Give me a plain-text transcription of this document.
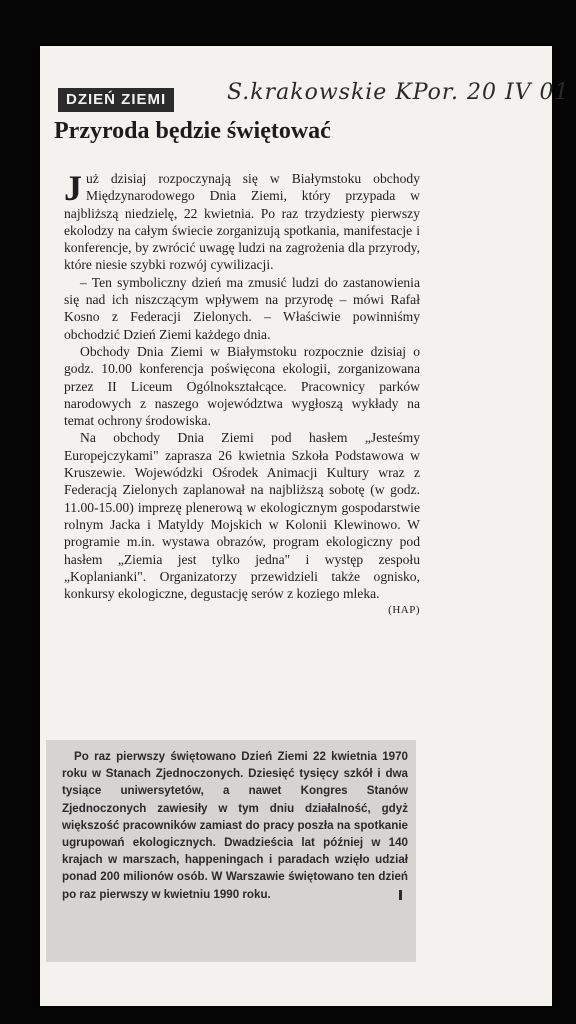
DZIEŃ ZIEMI	S.krakowskie KPor. 20 IV 01
Przyroda będzie świętować

Już dzisiaj rozpoczynają się w Białymstoku obchody Międzynarodowego Dnia Ziemi, który przypada w najbliższą niedzielę, 22 kwietnia. Po raz trzydziesty pierwszy ekolodzy na całym świecie zorganizują spotkania, manifestacje i konferencje, by zwrócić uwagę ludzi na zagrożenia dla przyrody, które niesie szybki rozwój cywilizacji.

– Ten symboliczny dzień ma zmusić ludzi do zastanowienia się nad ich niszczącym wpływem na przyrodę – mówi Rafał Kosno z Federacji Zielonych. – Właściwie powinniśmy obchodzić Dzień Ziemi każdego dnia.

Obchody Dnia Ziemi w Białymstoku rozpocznie dzisiaj o godz. 10.00 konferencja poświęcona ekologii, zorganizowana przez II Liceum Ogólnokształcące. Pracownicy parków narodowych z naszego województwa wygłoszą wykłady na temat ochrony środowiska.

Na obchody Dnia Ziemi pod hasłem „Jesteśmy Europejczykami" zaprasza 26 kwietnia Szkoła Podstawowa w Kruszewie. Wojewódzki Ośrodek Animacji Kultury wraz z Federacją Zielonych zaplanował na najbliższą sobotę (w godz. 11.00-15.00) imprezę plenerową w ekologicznym gospodarstwie rolnym Jacka i Matyldy Mojskich w Kolonii Klewinowo. W programie m.in. wystawa obrazów, program ekologiczny pod hasłem „Ziemia jest tylko jedna" i występ zespołu „Koplanianki". Organizatorzy przewidzieli także ognisko, konkursy ekologiczne, degustację serów z koziego mleka.
(HAP)

Po raz pierwszy świętowano Dzień Ziemi 22 kwietnia 1970 roku w Stanach Zjednoczonych. Dziesięć tysięcy szkół i dwa tysiące uniwersytetów, a nawet Kongres Stanów Zjednoczonych zawiesiły w tym dniu działalność, gdyż większość pracowników zamiast do pracy poszła na spotkanie ugrupowań ekologicznych. Dwadzieścia lat później w 140 krajach w marszach, happeningach i paradach wzięło udział ponad 200 milionów osób. W Warszawie świętowano ten dzień po raz pierwszy w kwietniu 1990 roku.
